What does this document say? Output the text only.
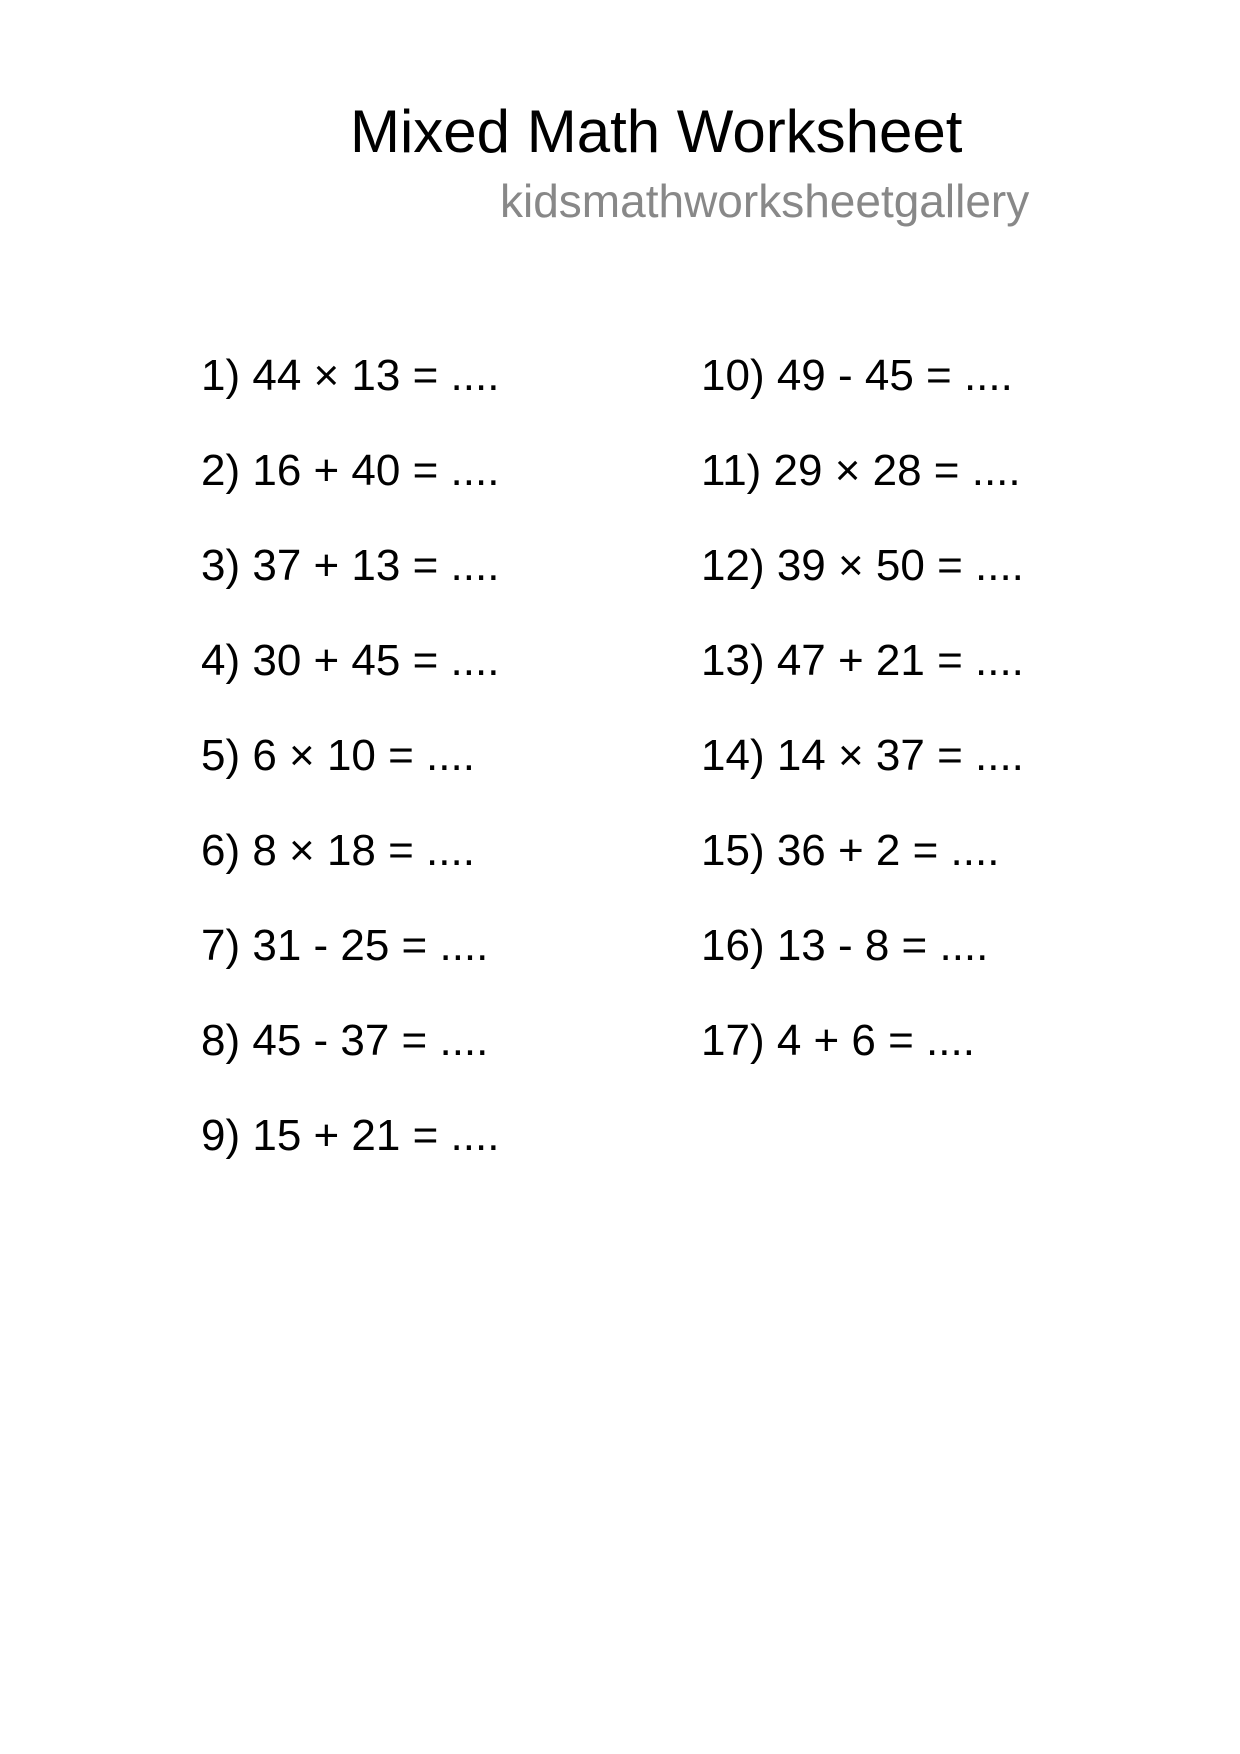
Mixed Math Worksheet
kidsmathworksheetgallery
1) 44 × 13 = ....
2) 16 + 40 = ....
3) 37 + 13 = ....
4) 30 + 45 = ....
5) 6 × 10 = ....
6) 8 × 18 = ....
7) 31 - 25 = ....
8) 45 - 37 = ....
9) 15 + 21 = ....
10) 49 - 45 = ....
11) 29 × 28 = ....
12) 39 × 50 = ....
13) 47 + 21 = ....
14) 14 × 37 = ....
15) 36 + 2 = ....
16) 13 - 8 = ....
17) 4 + 6 = ....
